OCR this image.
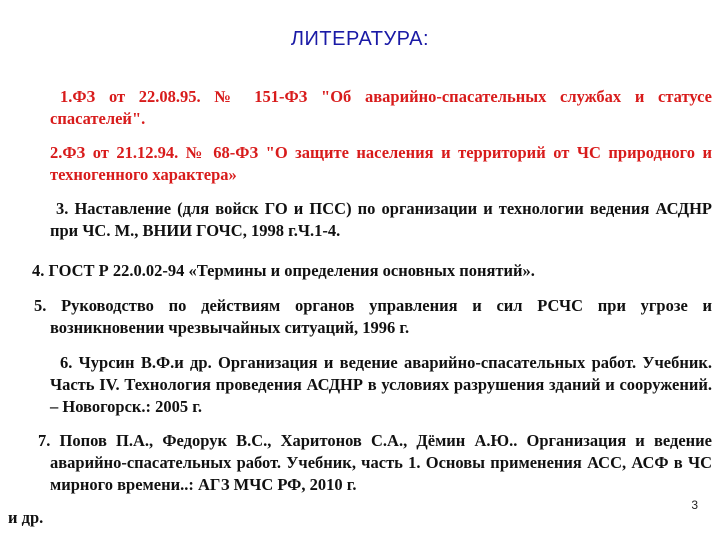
ЛИТЕРАТУРА:
1.ФЗ от 22.08.95. № 151-ФЗ "Об аварийно-спасательных службах и статусе спасателей".
2.ФЗ от 21.12.94. № 68-ФЗ "О защите населения и территорий от ЧС природного и техногенного характера»
3. Наставление (для войск ГО и ПСС) по организации и технологии ведения АСДНР при ЧС. М., ВНИИ ГОЧС, 1998 г.Ч.1-4.
4. ГОСТ Р 22.0.02-94 «Термины и определения основных понятий».
5. Руководство по действиям органов управления и сил РСЧС при угрозе и возникновении чрезвычайных ситуаций, 1996 г.
6. Чурсин В.Ф.и др. Организация и ведение аварийно-спасательных работ. Учебник. Часть IV. Технология проведения АСДНР в условиях разрушения зданий и сооружений. – Новогорск.: 2005 г.
7. Попов П.А., Федорук В.С., Харитонов С.А., Дёмин А.Ю.. Организация и ведение аварийно-спасательных работ. Учебник, часть 1. Основы применения АСС, АСФ в ЧС мирного времени..: АГЗ МЧС РФ, 2010 г.
и др.
3
